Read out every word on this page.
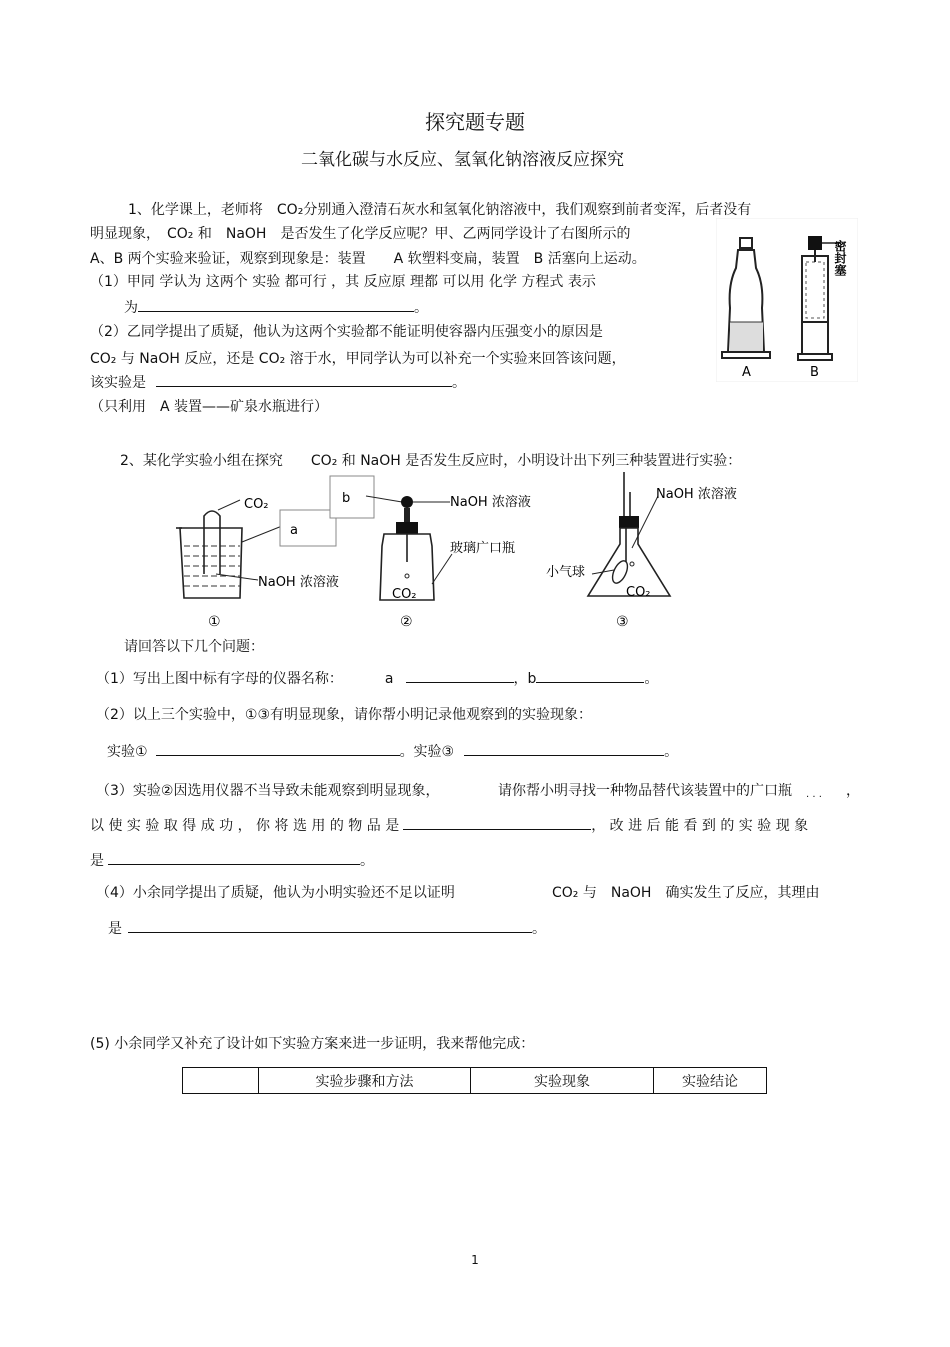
探究题专题
二氧化碳与水反应、氢氧化钠溶液反应探究
1、化学课上，老师将　CO₂分别通入澄清石灰水和氢氧化钠溶液中，我们观察到前者变浑，后者没有
明显现象，　CO₂ 和　NaOH　是否发生了化学反应呢？甲、乙两同学设计了右图所示的
A、B 两个实验来验证，观察到现象是：装置　　A 软塑料变扁，装置　B 活塞向上运动。
（1）甲同 学认为 这两个 实验 都可行 ，其 反应原 理都 可以用 化学 方程式 表示
为	。
（2）乙同学提出了质疑，他认为这两个实验都不能证明使容器内压强变小的原因是
CO₂ 与 NaOH 反应，还是 CO₂ 溶于水，甲同学认为可以补充一个实验来回答该问题，
该实验是	。
（只利用　A 装置——矿泉水瓶进行）
密封塞
A	B
2、某化学实验小组在探究　　CO₂ 和 NaOH 是否发生反应时，小明设计出下列三种装置进行实验：
CO₂
NaOH 浓溶液
a
b	NaOH 浓溶液
玻璃广口瓶
CO₂
NaOH 浓溶液
小气球
CO₂
①	②	③
请回答以下几个问题：
（1）写出上图中标有字母的仪器名称：	a	，b	。
（2）以上三个实验中，①③有明显现象，请你帮小明记录他观察到的实验现象：
实验①	。实验③	。
（3）实验②因选用仪器不当导致未能观察到明显现象，	请你帮小明寻找一种物品替代该装置中的广口瓶 · · · ，
以 使 实 验 取 得 成 功 ， 你 将 选 用 的 物 品 是	， 改 进 后 能 看 到 的 实 验 现 象
是	。
（4）小余同学提出了质疑，他认为小明实验还不足以证明	CO₂ 与　NaOH　确实发生了反应，其理由
是	。
(5) 小余同学又补充了设计如下实验方案来进一步证明，我来帮他完成：
	实验步骤和方法	实验现象	实验结论
1
